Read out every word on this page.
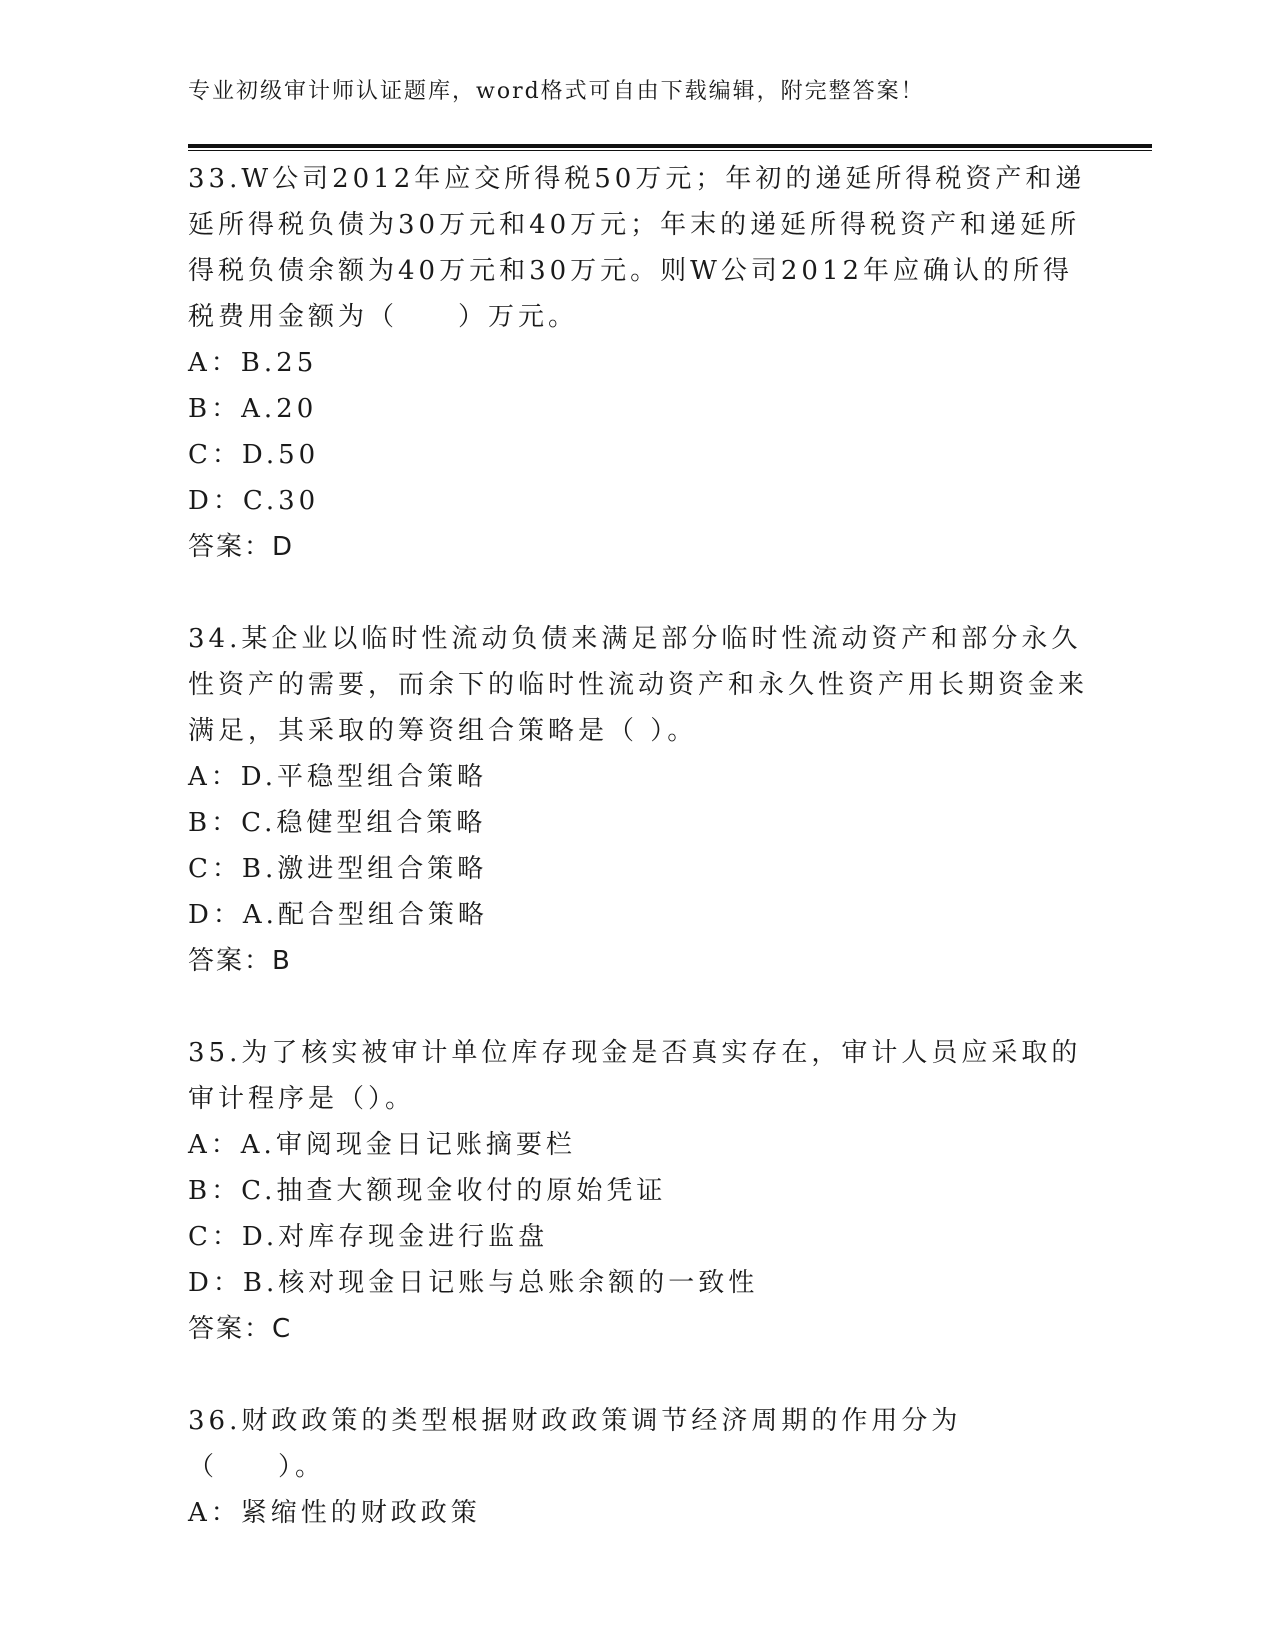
专业初级审计师认证题库，word格式可自由下载编辑，附完整答案！
33.W公司2012年应交所得税50万元；年初的递延所得税资产和递延所得税负债为30万元和40万元；年末的递延所得税资产和递延所得税负债余额为40万元和30万元。则W公司2012年应确认的所得税费用金额为（　　）万元。
A：B.25
B：A.20
C：D.50
D：C.30
答案：D
34.某企业以临时性流动负债来满足部分临时性流动资产和部分永久性资产的需要，而余下的临时性流动资产和永久性资产用长期资金来满足，其采取的筹资组合策略是（ ）。
A：D.平稳型组合策略
B：C.稳健型组合策略
C：B.激进型组合策略
D：A.配合型组合策略
答案：B
35.为了核实被审计单位库存现金是否真实存在，审计人员应采取的审计程序是（）。
A：A.审阅现金日记账摘要栏
B：C.抽查大额现金收付的原始凭证
C：D.对库存现金进行监盘
D：B.核对现金日记账与总账余额的一致性
答案：C
36.财政政策的类型根据财政政策调节经济周期的作用分为（　　）。
A：紧缩性的财政政策
